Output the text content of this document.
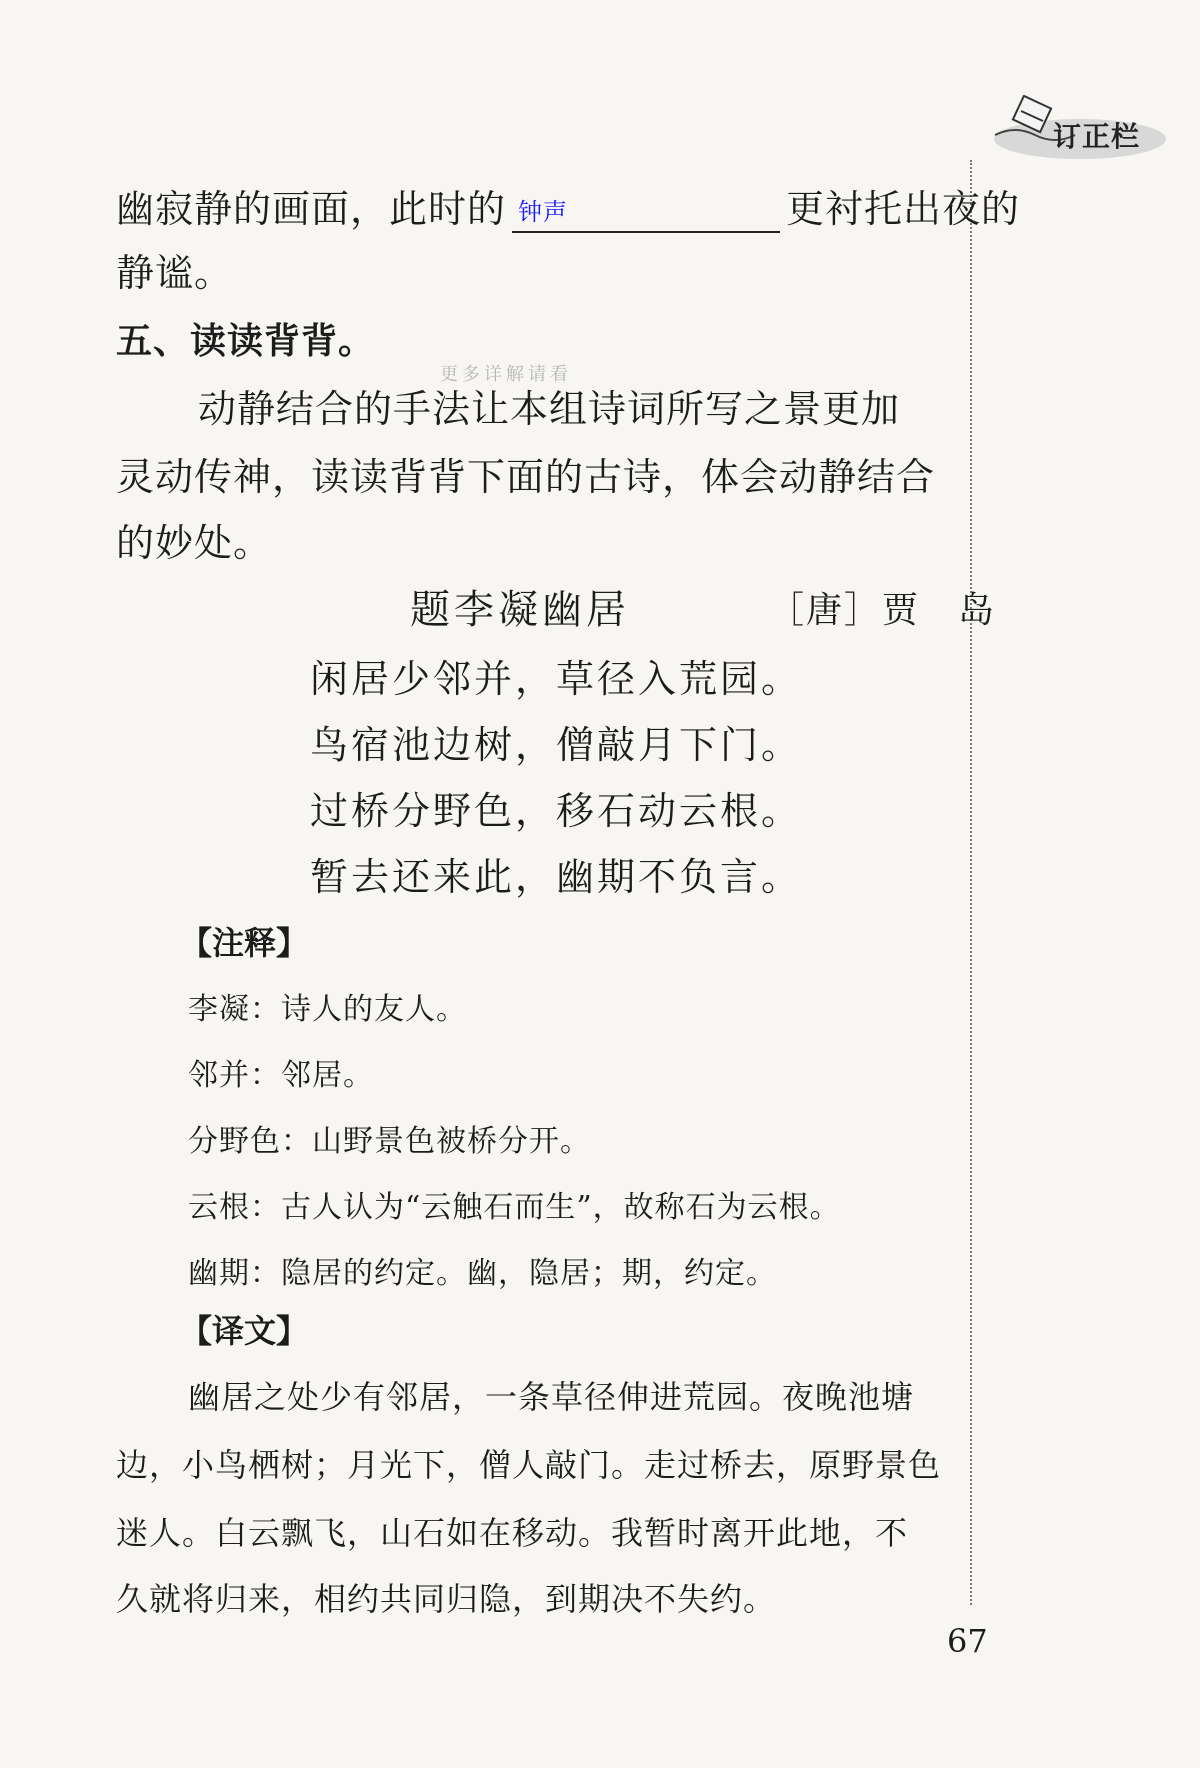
订正栏
幽寂静的画面，此时的 钟声	更衬托出夜的
静谧。
五、读读背背。
更多详解请看
动静结合的手法让本组诗词所写之景更加
灵动传神，读读背背下面的古诗，体会动静结合
的妙处。
题李凝幽居	［唐］贾　岛
闲居少邻并，草径入荒园。
鸟宿池边树，僧敲月下门。
过桥分野色，移石动云根。
暂去还来此，幽期不负言。
【注释】
李凝：诗人的友人。
邻并：邻居。
分野色：山野景色被桥分开。
云根：古人认为“云触石而生”，故称石为云根。
幽期：隐居的约定。幽，隐居；期，约定。
【译文】
幽居之处少有邻居，一条草径伸进荒园。夜晚池塘
边，小鸟栖树；月光下，僧人敲门。走过桥去，原野景色
迷人。白云飘飞，山石如在移动。我暂时离开此地，不
久就将归来，相约共同归隐，到期决不失约。
67
